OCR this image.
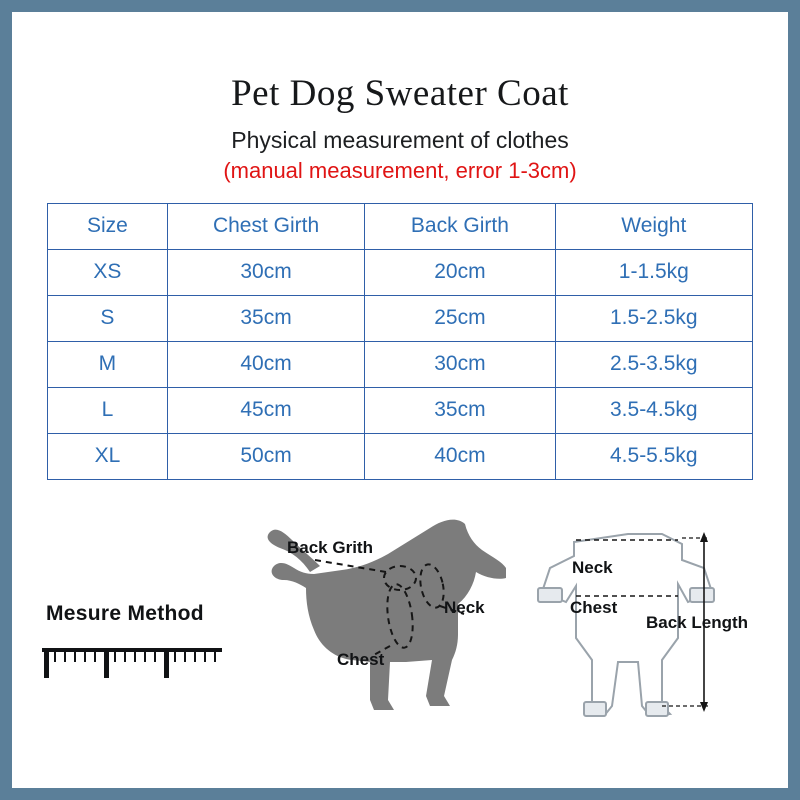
Pet Dog Sweater Coat
Physical measurement of clothes
(manual measurement, error 1-3cm)
Size	Chest Girth	Back Girth	Weight
XS	30cm	20cm	1-1.5kg
S	35cm	25cm	1.5-2.5kg
M	40cm	30cm	2.5-3.5kg
L	45cm	35cm	3.5-4.5kg
XL	50cm	40cm	4.5-5.5kg
Mesure Method
Back Grith
Neck
Chest
Neck
Chest
Back Length
